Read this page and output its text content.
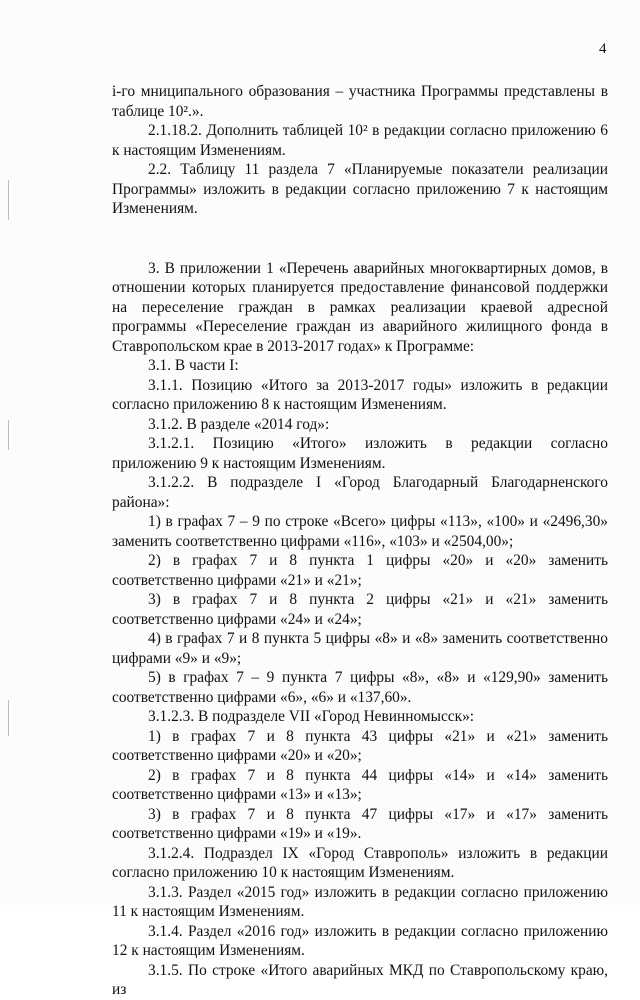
4

i-го мниципального образования – участника Программы представлены в таблице 10².».

2.1.18.2. Дополнить таблицей 10² в редакции согласно приложению 6 к настоящим Изменениям.

2.2. Таблицу 11 раздела 7 «Планируемые показатели реализации Программы» изложить в редакции согласно приложению 7 к настоящим Изменениям.

3. В приложении 1 «Перечень аварийных многоквартирных домов, в отношении которых планируется предоставление финансовой поддержки на переселение граждан в рамках реализации краевой адресной программы «Переселение граждан из аварийного жилищного фонда в Ставропольском крае в 2013-2017 годах» к Программе:

3.1. В части I:

3.1.1. Позицию «Итого за 2013-2017 годы» изложить в редакции согласно приложению 8 к настоящим Изменениям.

3.1.2. В разделе «2014 год»:

3.1.2.1. Позицию «Итого» изложить в редакции согласно приложению 9 к настоящим Изменениям.

3.1.2.2. В подразделе I «Город Благодарный Благодарненского района»:

1) в графах 7 – 9 по строке «Всего» цифры «113», «100» и «2496,30» заменить соответственно цифрами «116», «103» и «2504,00»;

2) в графах 7 и 8 пункта 1 цифры «20» и «20» заменить соответственно цифрами «21» и «21»;

3) в графах 7 и 8 пункта 2 цифры «21» и «21» заменить соответственно цифрами «24» и «24»;

4) в графах 7 и 8 пункта 5 цифры «8» и «8» заменить соответственно цифрами «9» и «9»;

5) в графах 7 – 9 пункта 7 цифры «8», «8» и «129,90» заменить соответственно цифрами «6», «6» и «137,60».

3.1.2.3. В подразделе VII «Город Невинномысск»:

1) в графах 7 и 8 пункта 43 цифры «21» и «21» заменить соответственно цифрами «20» и «20»;

2) в графах 7 и 8 пункта 44 цифры «14» и «14» заменить соответственно цифрами «13» и «13»;

3) в графах 7 и 8 пункта 47 цифры «17» и «17» заменить соответственно цифрами «19» и «19».

3.1.2.4. Подраздел IX «Город Ставрополь» изложить в редакции согласно приложению 10 к настоящим Изменениям.

3.1.3. Раздел «2015 год» изложить в редакции согласно приложению 11 к настоящим Изменениям.

3.1.4. Раздел «2016 год» изложить в редакции согласно приложению 12 к настоящим Изменениям.

3.1.5. По строке «Итого аварийных МКД по Ставропольскому краю, из
